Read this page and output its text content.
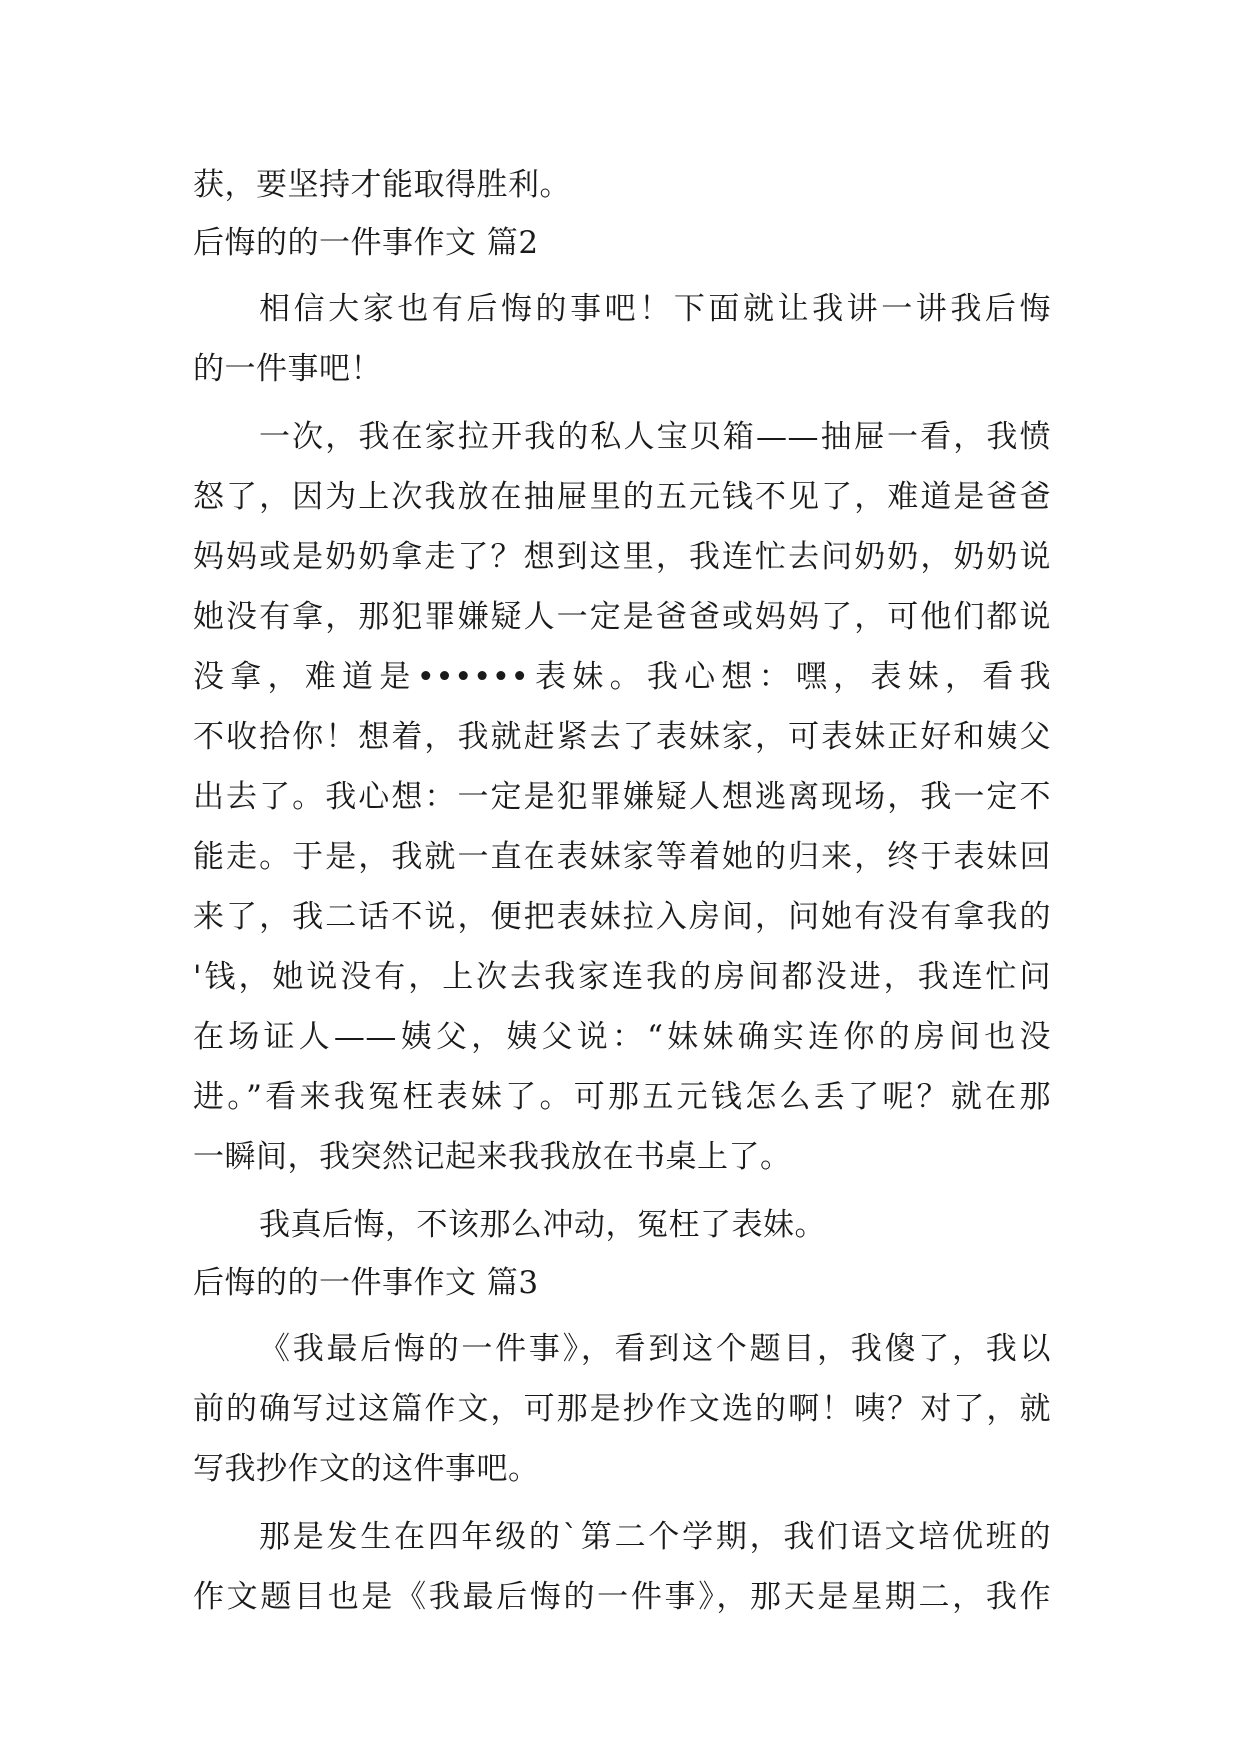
获，要坚持才能取得胜利。
后悔的的一件事作文 篇2
相信大家也有后悔的事吧！下面就让我讲一讲我后悔
的一件事吧！
一次，我在家拉开我的私人宝贝箱——抽屉一看，我愤
怒了，因为上次我放在抽屉里的五元钱不见了，难道是爸爸
妈妈或是奶奶拿走了？想到这里，我连忙去问奶奶，奶奶说
她没有拿，那犯罪嫌疑人一定是爸爸或妈妈了，可他们都说
没拿，难道是••••••表妹。我心想：嘿，表妹，看我
不收拾你！想着，我就赶紧去了表妹家，可表妹正好和姨父
出去了。我心想：一定是犯罪嫌疑人想逃离现场，我一定不
能走。于是，我就一直在表妹家等着她的归来，终于表妹回
来了，我二话不说，便把表妹拉入房间，问她有没有拿我的
'钱，她说没有，上次去我家连我的房间都没进，我连忙问
在场证人——姨父，姨父说：“妹妹确实连你的房间也没
进。”看来我冤枉表妹了。可那五元钱怎么丢了呢？就在那
一瞬间，我突然记起来我我放在书桌上了。
我真后悔，不该那么冲动，冤枉了表妹。
后悔的的一件事作文 篇3
《我最后悔的一件事》，看到这个题目，我傻了，我以
前的确写过这篇作文，可那是抄作文选的啊！咦？对了，就
写我抄作文的这件事吧。
那是发生在四年级的`第二个学期，我们语文培优班的
作文题目也是《我最后悔的一件事》，那天是星期二，我作
